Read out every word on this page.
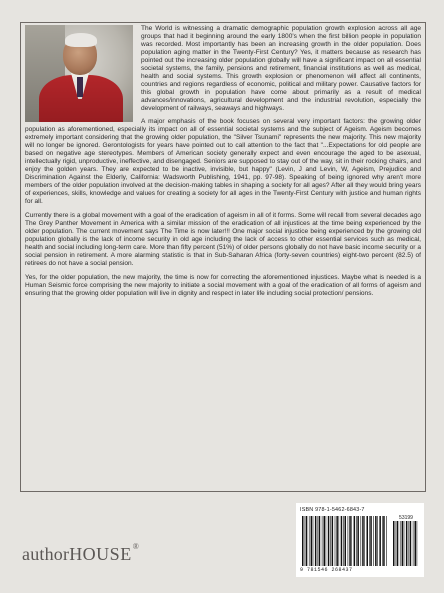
The World is witnessing a dramatic demographic population growth explosion across all age groups that had it beginning around the early 1800's when the first billion people in population was recorded. Most importantly has been an increasing growth in the older population. Does population aging matter in the Twenty-First Century? Yes, it matters because as research has pointed out the increasing older population globally will have a significant impact on all essential societal systems, the family, pensions and retirement, financial institutions as well as medical, health and social systems. This growth explosion or phenomenon will affect all continents, countries and regions regardless of economic, political and military power. Causative factors for this global growth in population have come about primarily as a result of medical advances/innovations, agricultural development and the industrial revolution, especially the development of railways, seaways and highways.

A major emphasis of the book focuses on several very important factors: the growing older population as aforementioned, especially its impact on all of essential societal systems and the subject of Ageism. Ageism becomes extremely important considering that the growing older population, the "Silver Tsunami" represents the new majority. This new majority will no longer be ignored. Gerontologists for years have pointed out to call attention to the fact that "...Expectations for old people are based on negative age stereotypes. Members of American society generally expect and even encourage the aged to be asexual, intellectually rigid, unproductive, ineffective, and disengaged. Seniors are supposed to stay out of the way, sit in their rocking chairs, and enjoy the golden years. They are expected to be inactive, invisible, but happy" (Levin, J and Levin, W, Ageism, Prejudice and Discrimination Against the Elderly, California: Wadsworth Publishing, 1941, pp. 97-98). Speaking of being ignored why aren't more members of the older population involved at the decision-making tables in shaping a society for all ages? After all they would bring years of experiences, skills, knowledge and values for creating a society for all ages in the Twenty-First Century with justice and human rights for all.

Currently there is a global movement with a goal of the eradication of ageism in all of it forms. Some will recall from several decades ago The Grey Panther Movement in America with a similar mission of the eradication of all injustices at the time being experienced by the older population. The current movement says The Time is now later!!! One major social injustice being experienced by the growing old population globally is the lack of income security in old age including the lack of access to other essential services such as medical, health and social including long-term care. More than fifty percent (51%) of older persons globally do not have basic income security or a social pension in retirement. A more alarming statistic is that in Sub-Saharan Africa (forty-seven countries) eight-two percent (82.5) of retirees do not have a social pension.

Yes, for the older population, the new majority, the time is now for correcting the aforementioned injustices. Maybe what is needed is a Human Seismic force comprising the new majority to initiate a social movement with a goal of the eradication of all forms of ageism and ensuring that the growing older population will live in dignity and respect in later life including social protection/ pensions.

authorHOUSE®
ISBN 978-1-5462-6843-7
53199
9 781546 268437
